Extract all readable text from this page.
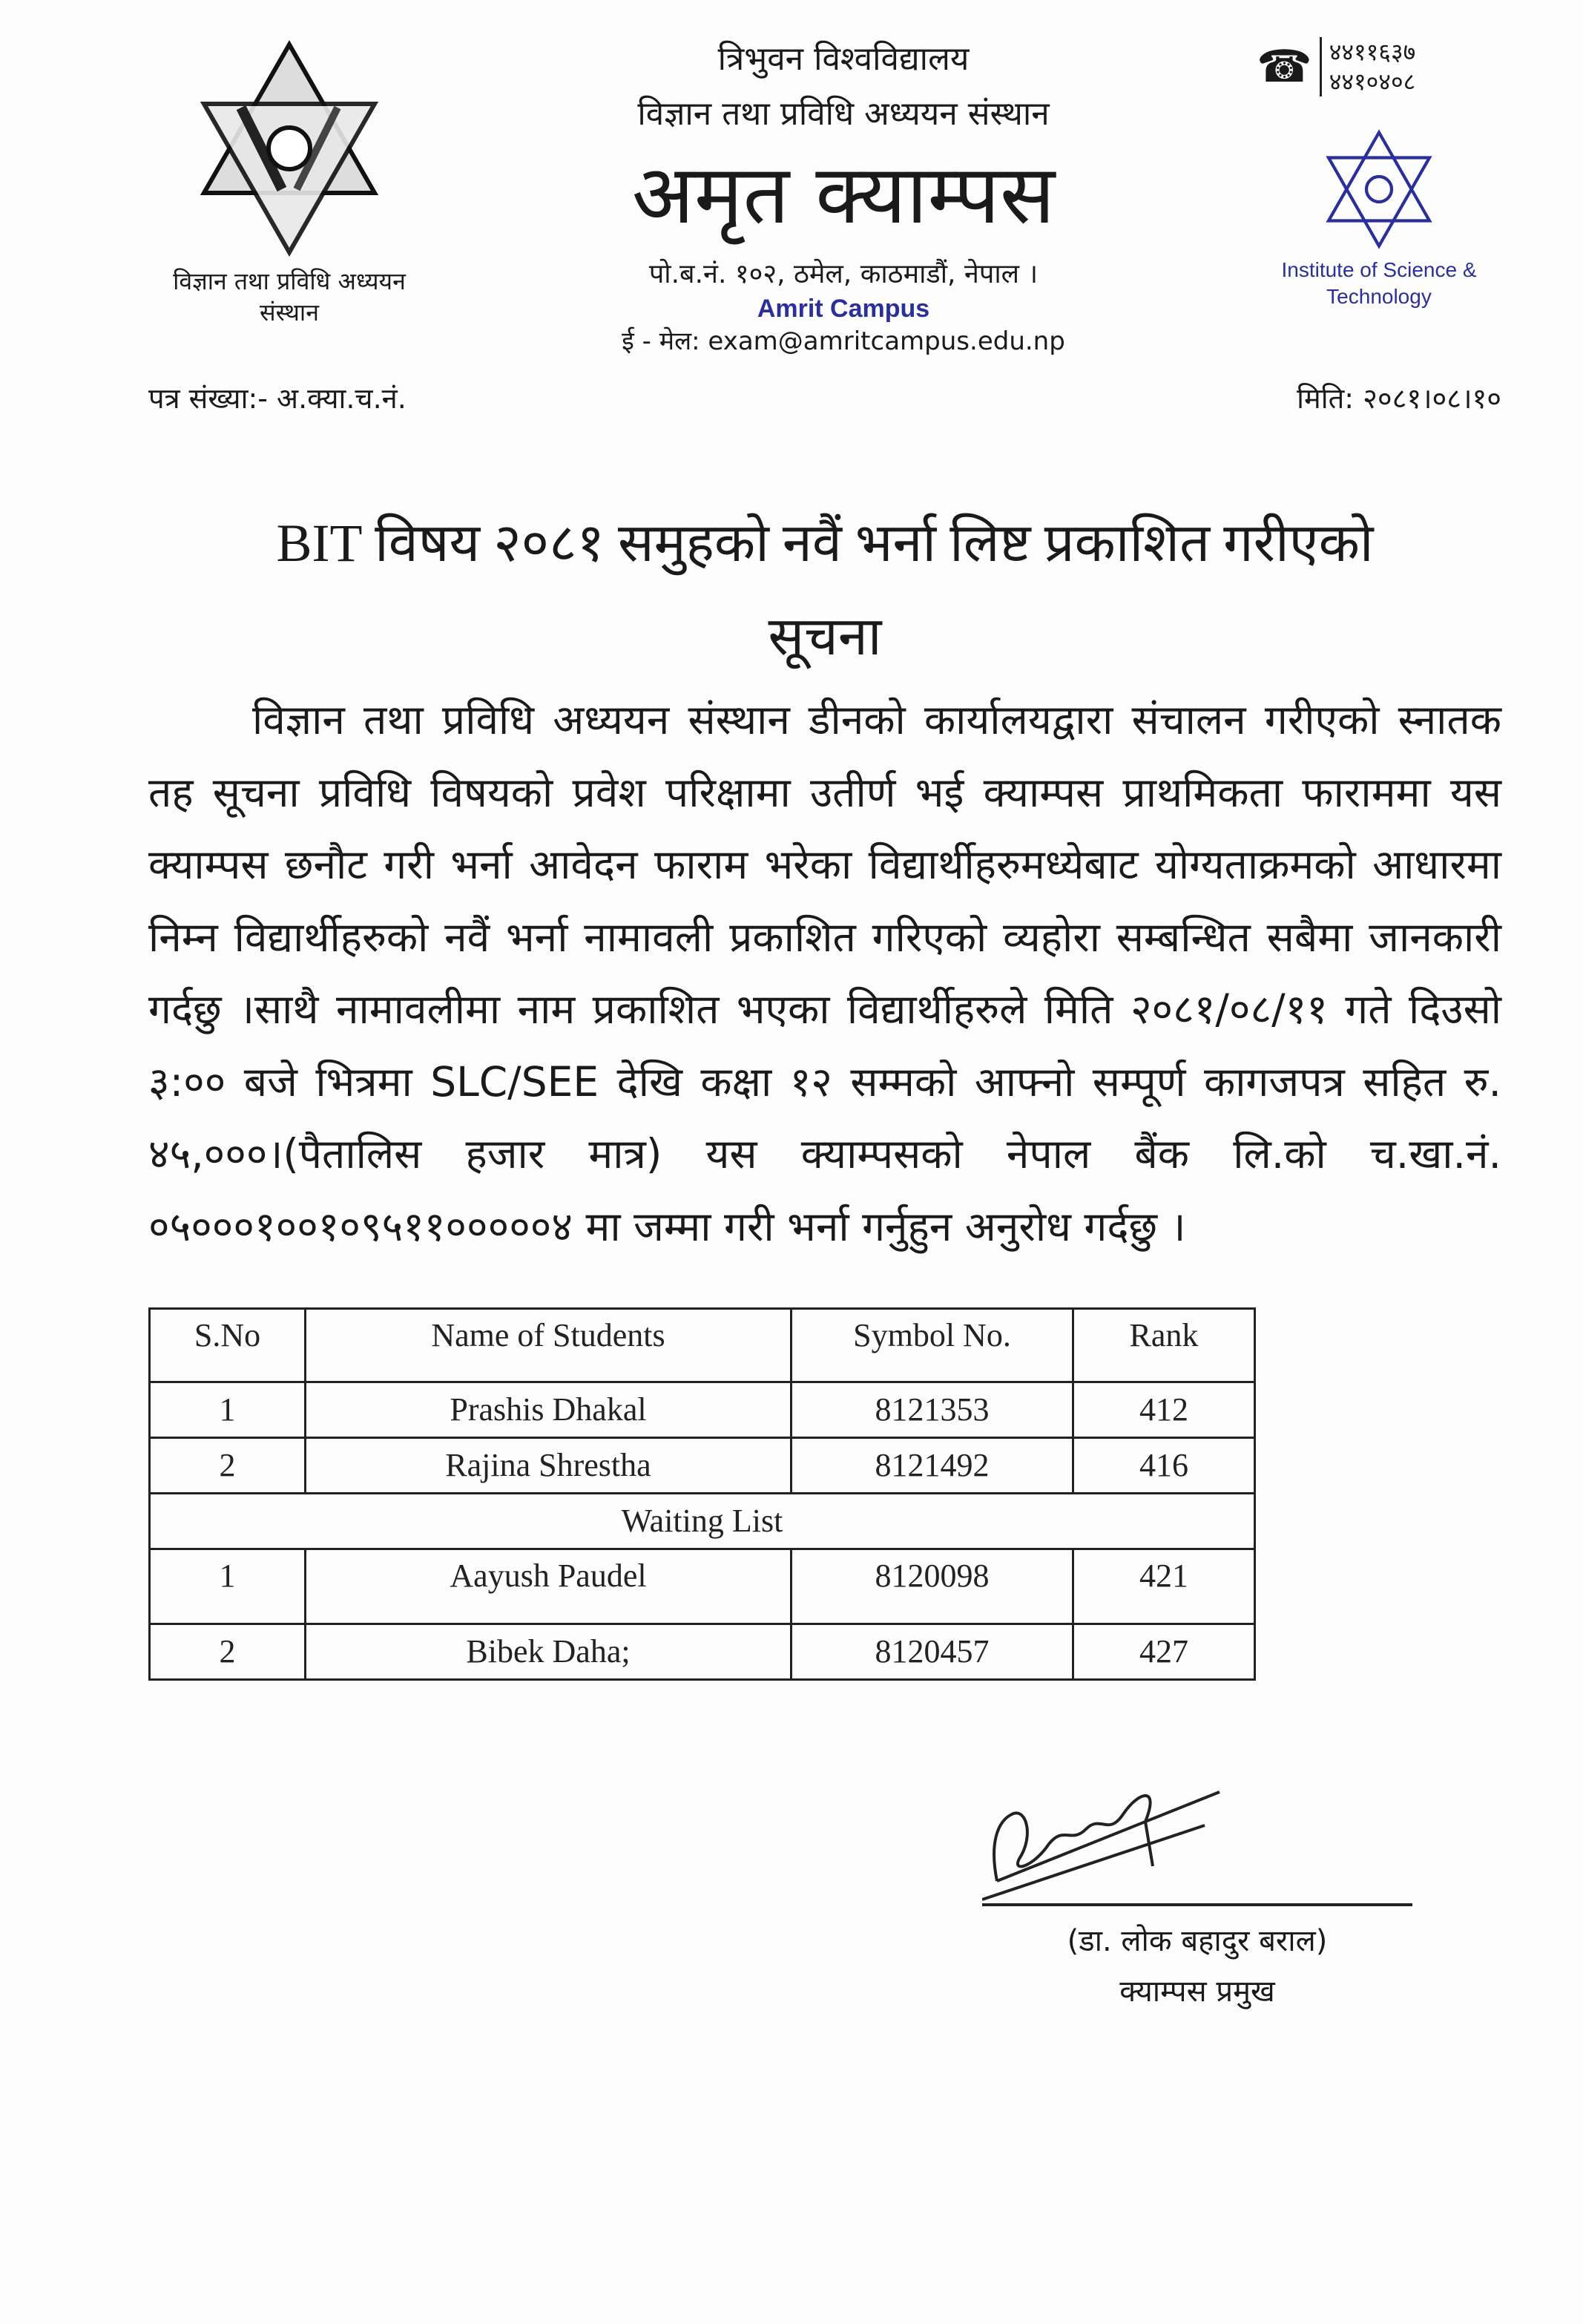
विज्ञान तथा प्रविधि अध्ययन संस्थान
त्रिभुवन विश्वविद्यालय
विज्ञान तथा प्रविधि अध्ययन संस्थान
अमृत क्याम्पस
पो.ब.नं. १०२, ठमेल, काठमाडौं, नेपाल ।
Amrit Campus
ई - मेल: exam@amritcampus.edu.np
☎ ४४११६३७
४४१०४०८
Institute of Science & Technology
पत्र संख्या:- अ.क्या.च.नं.	मिति: २०८१।०८।१०
BIT विषय २०८१ समुहको नवैं भर्ना लिष्ट प्रकाशित गरीएको
सूचना
विज्ञान तथा प्रविधि अध्ययन संस्थान डीनको कार्यालयद्वारा संचालन गरीएको स्नातक तह सूचना प्रविधि विषयको प्रवेश परिक्षामा उतीर्ण भई क्याम्पस प्राथमिकता फाराममा यस क्याम्पस छनौट गरी भर्ना आवेदन फाराम भरेका विद्यार्थीहरुमध्येबाट योग्यताक्रमको आधारमा निम्न विद्यार्थीहरुको नवैं भर्ना नामावली प्रकाशित गरिएको व्यहोरा सम्बन्धित सबैमा जानकारी गर्दछु ।साथै नामावलीमा नाम प्रकाशित भएका विद्यार्थीहरुले मिति २०८१/०८/११ गते दिउसो ३:०० बजे भित्रमा SLC/SEE देखि कक्षा १२ सम्मको आफ्नो सम्पूर्ण कागजपत्र सहित रु. ४५,०००।(पैतालिस हजार मात्र) यस क्याम्पसको नेपाल बैंक लि.को च.खा.नं. ०५०००१००१०९५११०००००४ मा जम्मा गरी भर्ना गर्नुहुन अनुरोध गर्दछु ।
S.No	Name of Students	Symbol No.	Rank
1	Prashis Dhakal	8121353	412
2	Rajina Shrestha	8121492	416
Waiting List			
1	Aayush Paudel	8120098	421
2	Bibek Daha;	8120457	427
(डा. लोक बहादुर बराल)
क्याम्पस प्रमुख
